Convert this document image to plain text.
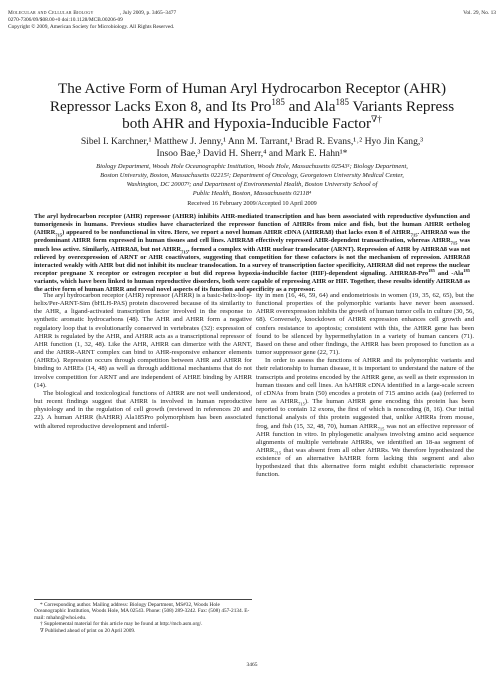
Molecular and Cellular Biology	, July 2009, p. 3465–3477	Vol. 29, No. 13
0270-7306/09/$08.00+0 doi:10.1128/MCB.00206-09
Copyright © 2009, American Society for Microbiology. All Rights Reserved.
The Active Form of Human Aryl Hydrocarbon Receptor (AHR)
Repressor Lacks Exon 8, and Its Pro$^{185}$ and Ala$^{185}$ Variants Repress
both AHR and Hypoxia-Inducible Factor∇†
Sibel I. Karchner,¹ Matthew J. Jenny,¹ Ann M. Tarrant,¹ Brad R. Evans,¹˒² Hyo Jin Kang,³
Insoo Bae,³ David H. Sherr,⁴ and Mark E. Hahn¹*
Biology Department, Woods Hole Oceanographic Institution, Woods Hole, Massachusetts 02543¹; Biology Department,
Boston University, Boston, Massachusetts 02215²; Department of Oncology, Georgetown University Medical Center,
Washington, DC 20007³; and Department of Environmental Health, Boston University School of
Public Health, Boston, Massachusetts 02118⁴
Received 16 February 2009/Accepted 10 April 2009
The aryl hydrocarbon receptor (AHR) repressor (AHRR) inhibits AHR-mediated transcription and has been associated with reproductive dysfunction and tumorigenesis in humans. Previous studies have characterized the repressor function of AHRRs from mice and fish, but the human AHRR ortholog $(AHRR_{715})$ appeared to be nonfunctional in vitro. Here, we report a novel human AHRR cDNA (AHRRΔ8) that lacks exon 8 of $AHRR_{715}$. AHRRΔ8 was the predominant AHRR form expressed in human tissues and cell lines. AHRRΔ8 effectively repressed AHR-dependent transactivation, whereas $AHRR_{715}$ was much less active. Similarly, AHRRΔ8, but not $AHRR_{715}$, formed a complex with AHR nuclear translocator (ARNT). Repression of AHR by AHRRΔ8 was not relieved by overexpression of ARNT or AHR coactivators, suggesting that competition for these cofactors is not the mechanism of repression. AHRRΔ8 interacted weakly with AHR but did not inhibit its nuclear translocation. In a survey of transcription factor specificity, AHRRΔ8 did not repress the nuclear receptor pregnane X receptor or estrogen receptor α but did repress hypoxia-inducible factor (HIF)-dependent signaling. AHRRΔ8-Pro$^{185}$ and -Ala$^{185}$ variants, which have been linked to human reproductive disorders, both were capable of repressing AHR or HIF. Together, these results identify AHRRΔ8 as the active form of human AHRR and reveal novel aspects of its function and specificity as a repressor.

The aryl hydrocarbon receptor (AHR) repressor (AHRR) is a basic-helix-loop-helix/Per-ARNT-Sim (bHLH-PAS) protein discovered because of its similarity to the AHR, a ligand-activated transcription factor involved in the response to synthetic aromatic hydrocarbons (48). The AHR and AHRR form a negative regulatory loop that is evolutionarily conserved in vertebrates (32): expression of AHRR is regulated by the AHR, and AHRR acts as a transcriptional repressor of AHR function (1, 32, 48). Like the AHR, AHRR can dimerize with the ARNT, and the AHRR-ARNT complex can bind to AHR-responsive enhancer elements (AHREs). Repression occurs through competition between AHR and AHRR for binding to AHREs (14, 48) as well as through additional mechanisms that do not involve competition for ARNT and are independent of AHRE binding by AHRR (14).

The biological and toxicological functions of AHRR are not well understood, but recent findings suggest that AHRR is involved in human reproductive physiology and in the regulation of cell growth (reviewed in references 20 and 22). A human AHRR (hAHRR) Ala185Pro polymorphism has been associated with altered reproductive development and infertil-

ity in men (16, 46, 59, 64) and endometriosis in women (19, 35, 62, 65), but the functional properties of the polymorphic variants have never been assessed. AHRR overexpression inhibits the growth of human tumor cells in culture (30, 56, 68). Conversely, knockdown of AHRR expression enhances cell growth and confers resistance to apoptosis; consistent with this, the AHRR gene has been found to be silenced by hypermethylation in a variety of human cancers (71). Based on these and other findings, the AHRR has been proposed to function as a tumor suppressor gene (22, 71).

In order to assess the functions of AHRR and its polymorphic variants and their relationship to human disease, it is important to understand the nature of the transcripts and proteins encoded by the AHRR gene, as well as their expression in human tissues and cell lines. An hAHRR cDNA identified in a large-scale screen of cDNAs from brain (50) encodes a protein of 715 amino acids (aa) (referred to here as $AHRR_{715}$). The human AHRR gene encoding this protein has been reported to contain 12 exons, the first of which is noncoding (8, 16). Our initial functional analysis of this protein suggested that, unlike AHRRs from mouse, frog, and fish (15, 32, 48, 70), human $AHRR_{715}$ was not an effective repressor of AHR function in vitro. In phylogenetic analyses involving amino acid sequence alignments of multiple vertebrate AHRRs, we identified an 18-aa segment of $AHRR_{715}$ that was absent from all other AHRRs. We therefore hypothesized the existence of an alternative hAHRR form lacking this segment and also hypothesized that this alternative form might exhibit characteristic repressor function.

* Corresponding author. Mailing address: Biology Department, MS#32, Woods Hole Oceanographic Institution, Woods Hole, MA 02543. Phone: (508) 289-3242. Fax: (508) 457-2134. E-mail: mhahn@whoi.edu.

† Supplemental material for this article may be found at http://mcb.asm.org/.

∇ Published ahead of print on 20 April 2009.

3465
